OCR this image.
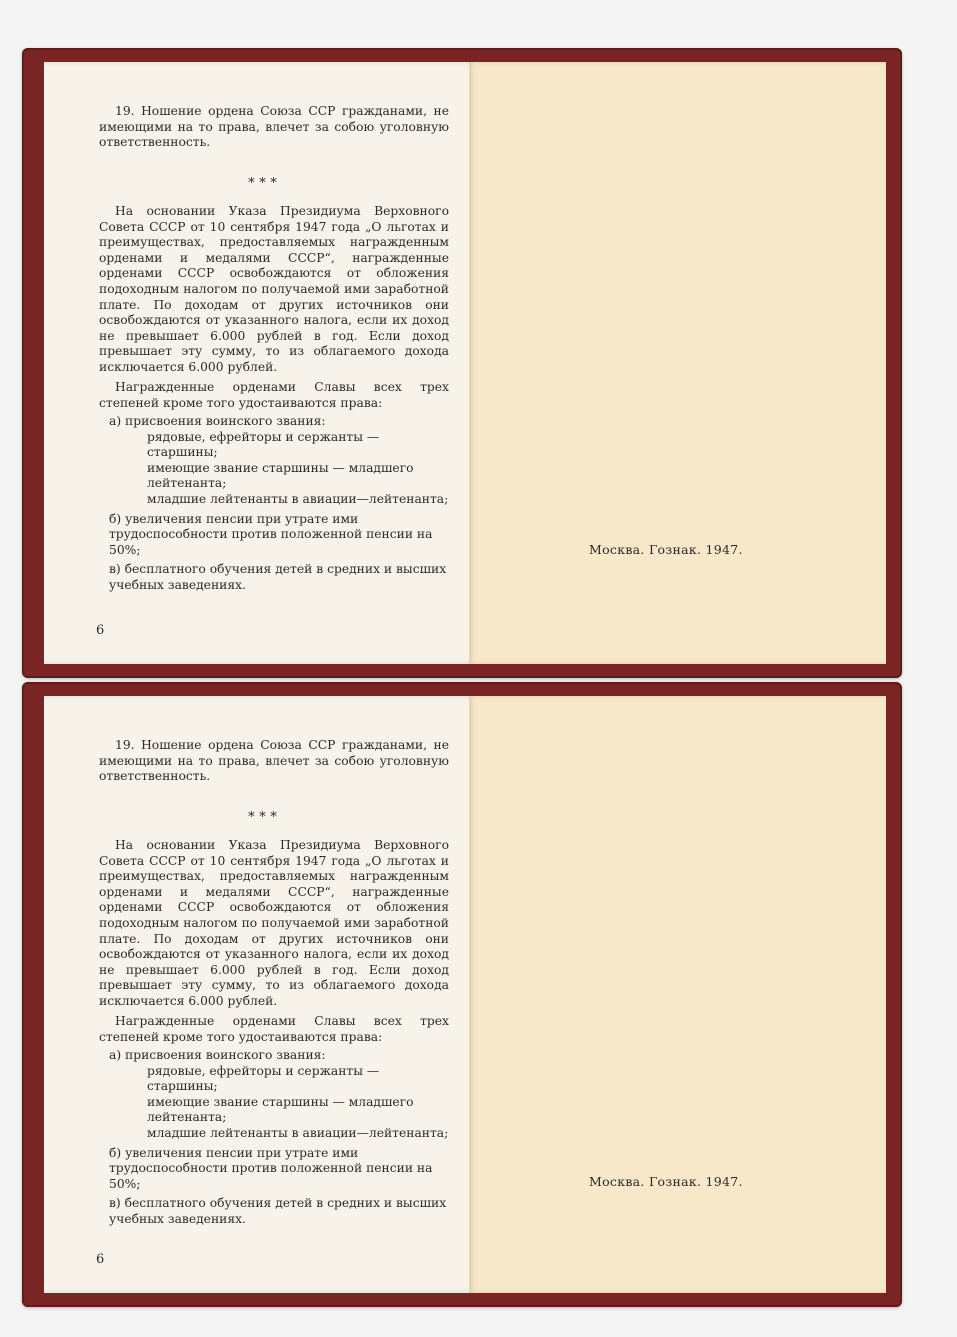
19. Ношение ордена Союза ССР гражданами, не имеющими на то права, влечет за собою уголовную ответственность.

* * *

На основании Указа Президиума Верховного Совета СССР от 10 сентября 1947 года „О льготах и преимуществах, предоставляемых награжденным орденами и медалями СССР“, награжденные орденами СССР освобождаются от обложения подоходным налогом по получаемой ими заработной плате. По доходам от других источников они освобождаются от указанного налога, если их доход не превышает 6.000 рублей в год. Если доход превышает эту сумму, то из облагаемого дохода исключается 6.000 рублей.

Награжденные орденами Славы всех трех степеней кроме того удостаиваются права:

а) присвоения воинского звания:
рядовые, ефрейторы и сержанты — старшины;
имеющие звание старшины — младшего лейтенанта;
младшие лейтенанты в авиации—лейтенанта;
б) увеличения пенсии при утрате ими трудоспособности против положенной пенсии на 50%;
в) бесплатного обучения детей в средних и высших учебных заведениях.
6
Москва. Гознак. 1947.

19. Ношение ордена Союза ССР гражданами, не имеющими на то права, влечет за собою уголовную ответственность.

* * *

На основании Указа Президиума Верховного Совета СССР от 10 сентября 1947 года „О льготах и преимуществах, предоставляемых награжденным орденами и медалями СССР“, награжденные орденами СССР освобождаются от обложения подоходным налогом по получаемой ими заработной плате. По доходам от других источников они освобождаются от указанного налога, если их доход не превышает 6.000 рублей в год. Если доход превышает эту сумму, то из облагаемого дохода исключается 6.000 рублей.

Награжденные орденами Славы всех трех степеней кроме того удостаиваются права:

а) присвоения воинского звания:
рядовые, ефрейторы и сержанты — старшины;
имеющие звание старшины — младшего лейтенанта;
младшие лейтенанты в авиации—лейтенанта;
б) увеличения пенсии при утрате ими трудоспособности против положенной пенсии на 50%;
в) бесплатного обучения детей в средних и высших учебных заведениях.
6
Москва. Гознак. 1947.
